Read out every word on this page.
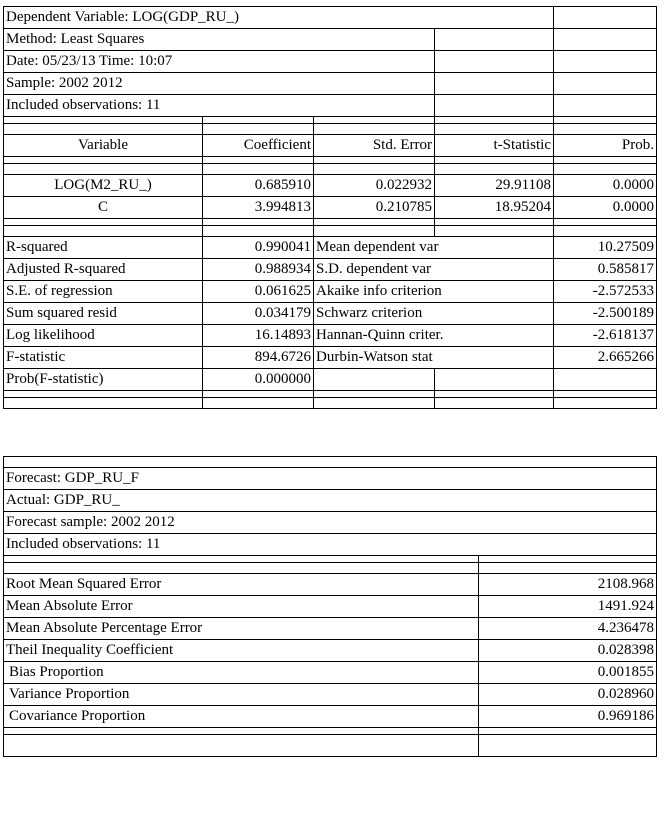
Dependent Variable: LOG(GDP_RU_)				
Method: Least Squares				
Date: 05/23/13 Time: 10:07				
Sample: 2002 2012				
Included observations: 11				

Variable	Coefficient	Std. Error	t-Statistic	Prob.

LOG(M2_RU_)	0.685910	0.022932	29.91108	0.0000
C	3.994813	0.210785	18.95204	0.0000

R-squared	0.990041	Mean dependent var		10.27509
Adjusted R-squared	0.988934	S.D. dependent var		0.585817
S.E. of regression	0.061625	Akaike info criterion		-2.572533
Sum squared resid	0.034179	Schwarz criterion		-2.500189
Log likelihood	16.14893	Hannan-Quinn criter.		-2.618137
F-statistic	894.6726	Durbin-Watson stat		2.665266
Prob(F-statistic)	0.000000			

Forecast: GDP_RU_F	
Actual: GDP_RU_	
Forecast sample: 2002 2012	
Included observations: 11	

Root Mean Squared Error	2108.968
Mean Absolute Error	1491.924
Mean Absolute Percentage Error	4.236478
Theil Inequality Coefficient	0.028398
Bias Proportion	0.001855
Variance Proportion	0.028960
Covariance Proportion	0.969186
